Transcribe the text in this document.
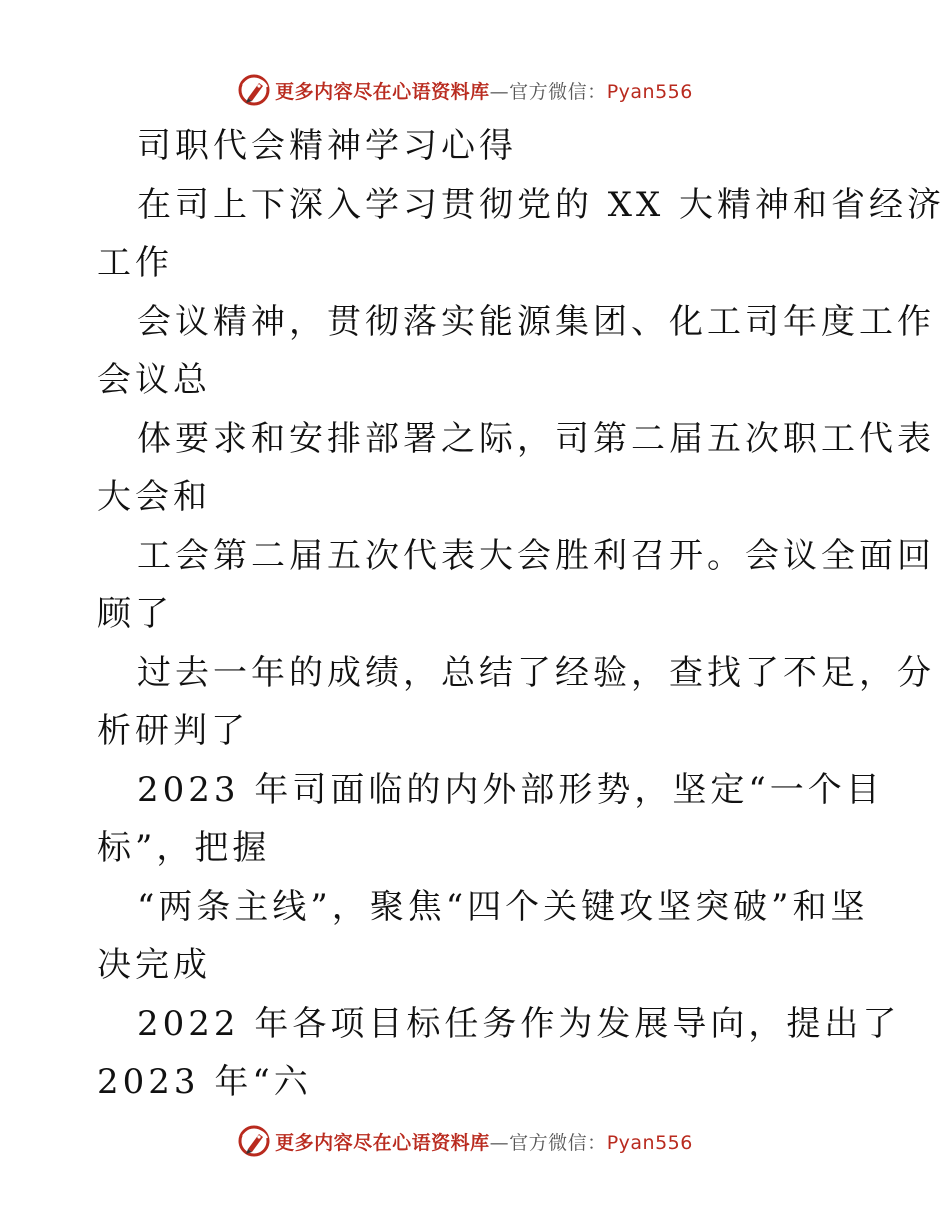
更多内容尽在心语资料库—官方微信：Pyan556
司职代会精神学习心得
在司上下深入学习贯彻党的 XX 大精神和省经济
工作
会议精神，贯彻落实能源集团、化工司年度工作
会议总
体要求和安排部署之际，司第二届五次职工代表
大会和
工会第二届五次代表大会胜利召开。会议全面回
顾了
过去一年的成绩，总结了经验，查找了不足，分
析研判了
2023 年司面临的内外部形势，坚定“一个目
标”，把握
“两条主线”，聚焦“四个关键攻坚突破”和坚
决完成
2022 年各项目标任务作为发展导向，提出了
2023 年“六
更多内容尽在心语资料库—官方微信：Pyan556
